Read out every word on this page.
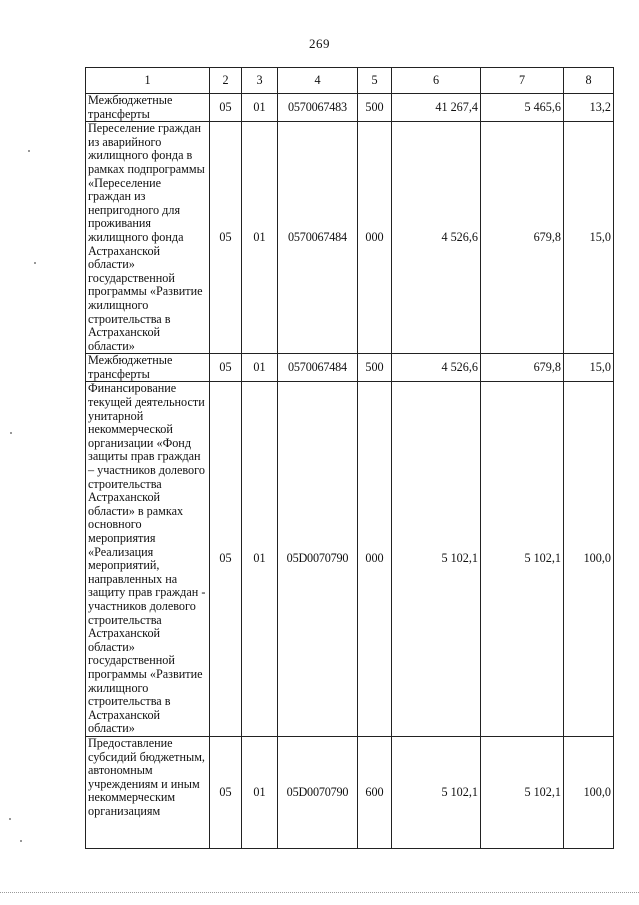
269
1	2	3	4	5	6	7	8
Межбюджетные трансферты	05	01	0570067483	500	41 267,4	5 465,6	13,2
Переселение граждан из аварийного жилищного фонда в рамках подпрограммы «Переселение граждан из непригодного для проживания жилищного фонда Астраханской области» государственной программы «Развитие жилищного строительства в Астраханской области»	05	01	0570067484	000	4 526,6	679,8	15,0
Межбюджетные трансферты	05	01	0570067484	500	4 526,6	679,8	15,0
Финансирование текущей деятельности унитарной некоммерческой организации «Фонд защиты прав граждан – участников долевого строительства Астраханской области» в рамках основного мероприятия «Реализация мероприятий, направленных на защиту прав граждан - участников долевого строительства Астраханской области» государственной программы «Развитие жилищного строительства в Астраханской области»	05	01	05D0070790	000	5 102,1	5 102,1	100,0
Предоставление субсидий бюджетным, автономным учреждениям и иным некоммерческим организациям	05	01	05D0070790	600	5 102,1	5 102,1	100,0
